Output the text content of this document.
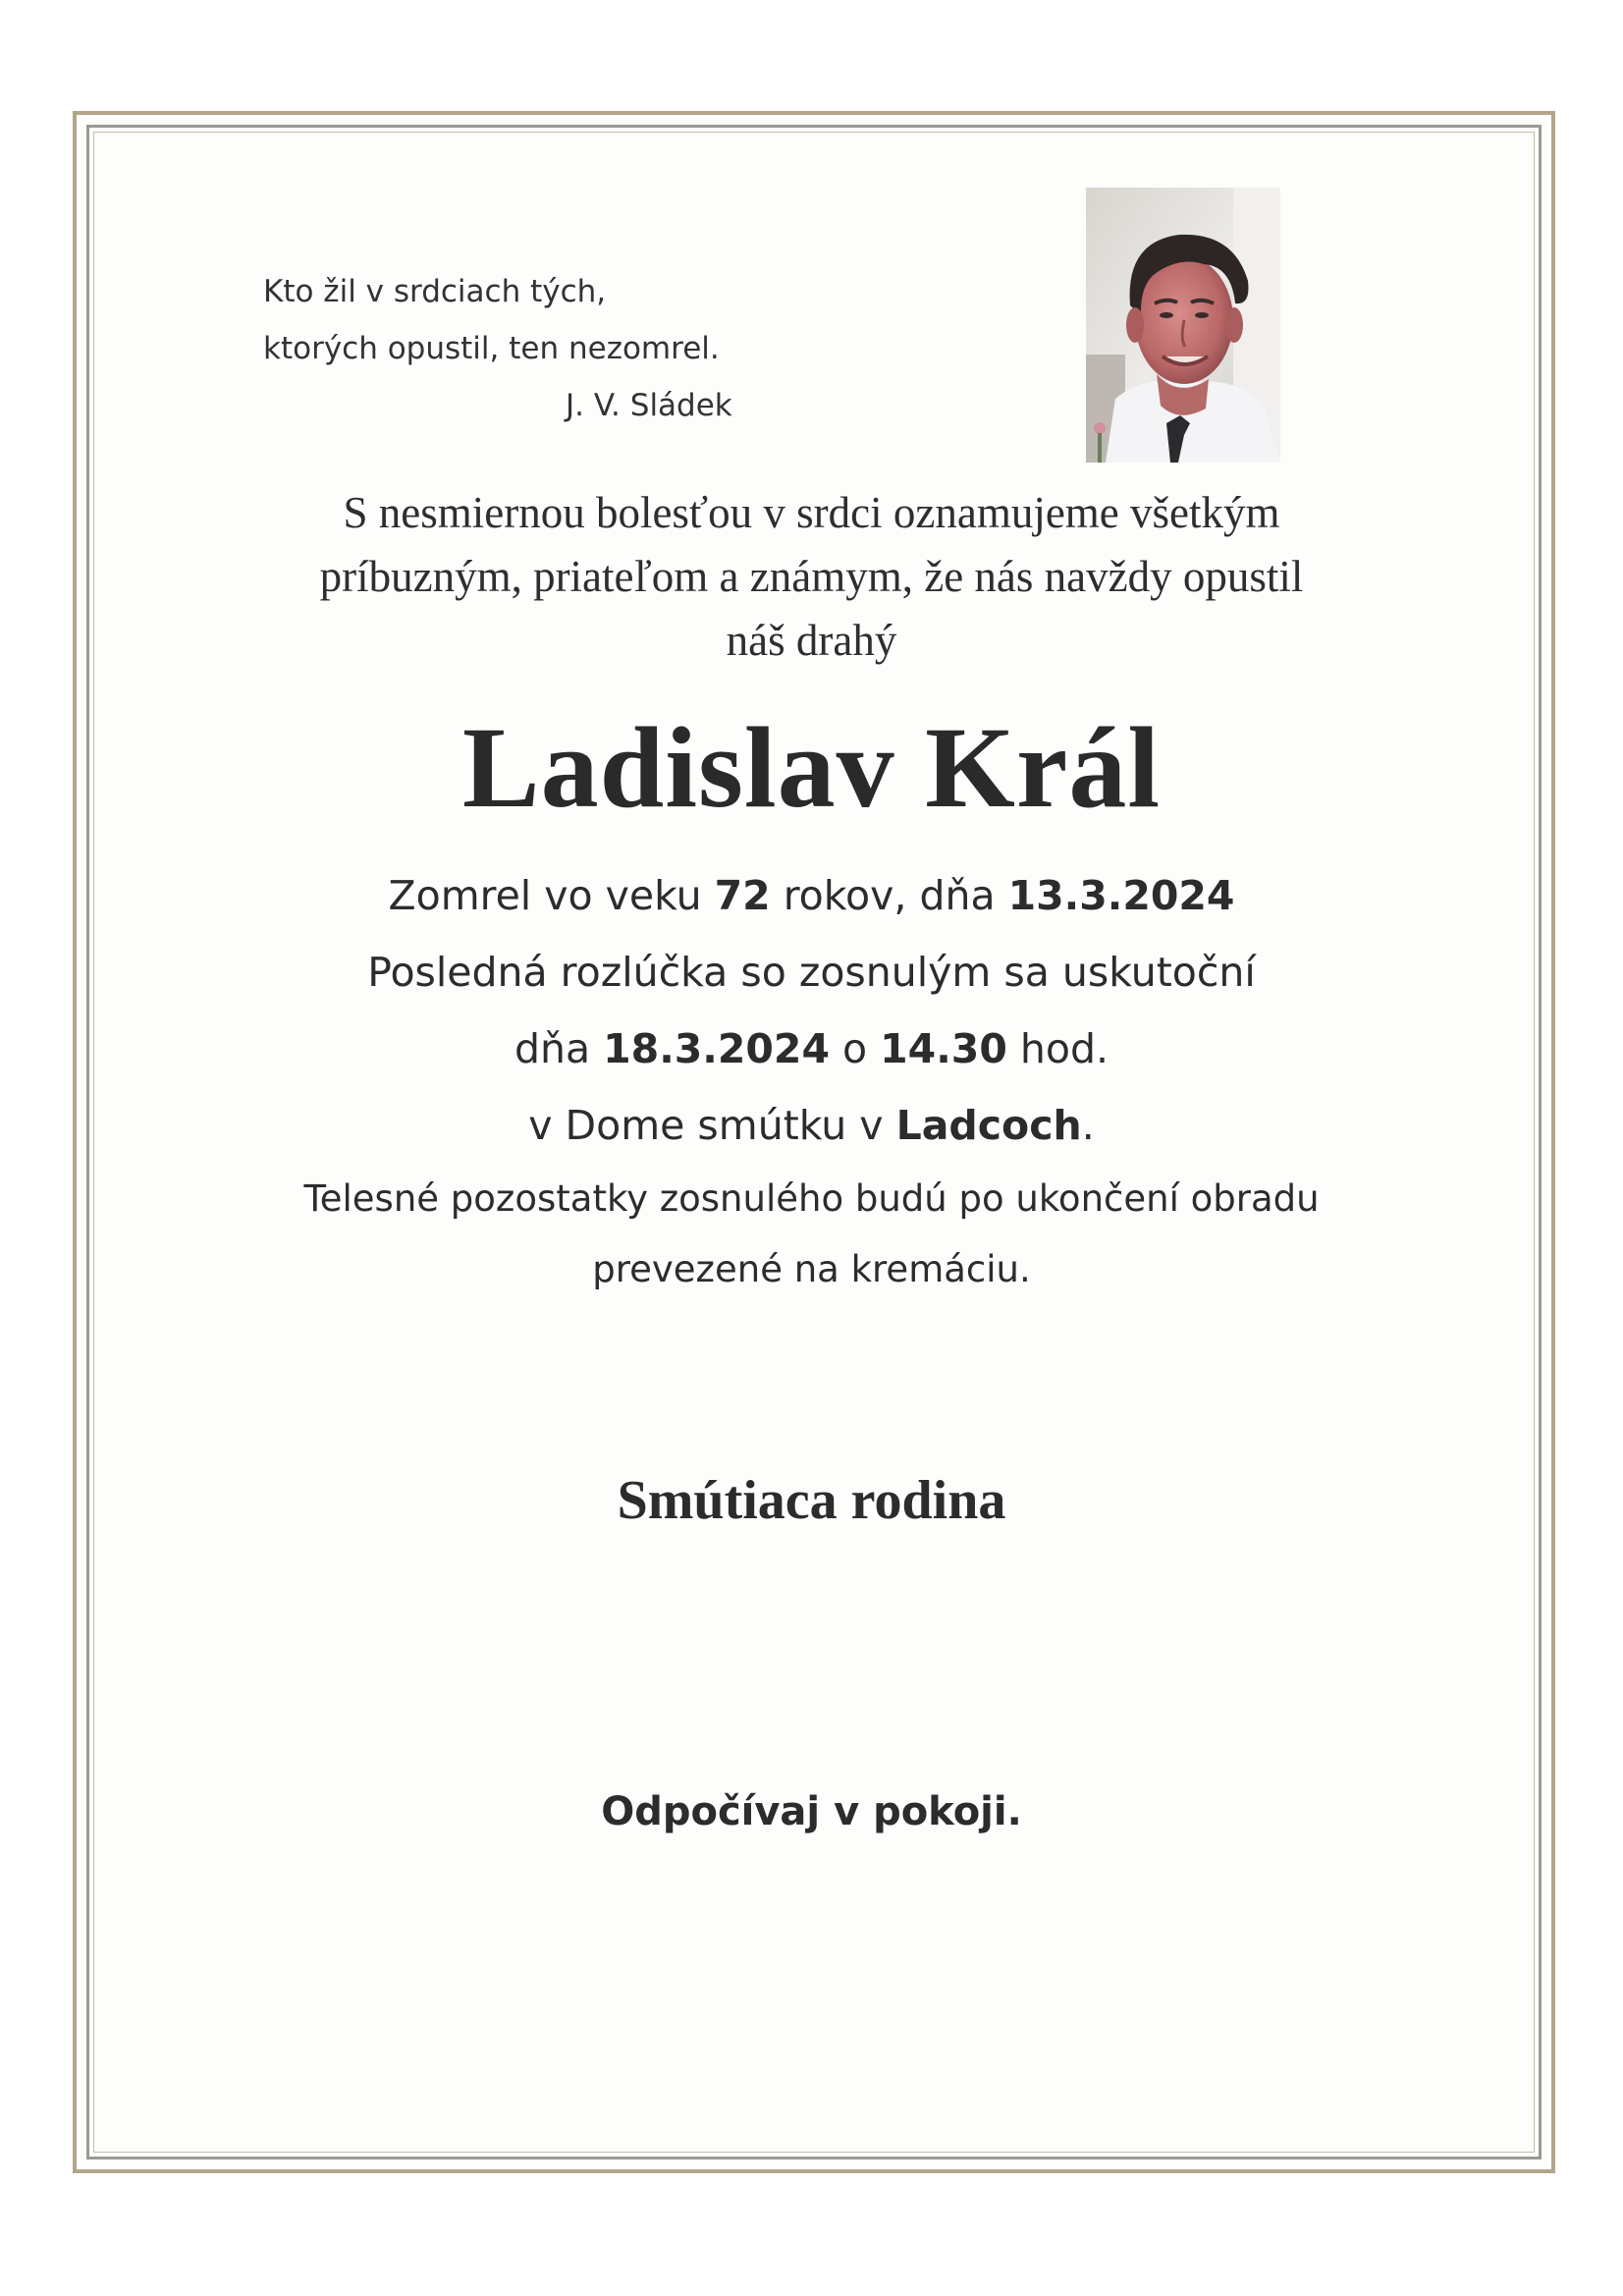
Kto žil v srdciach tých,
ktorých opustil, ten nezomrel.
J. V. Sládek
S nesmiernou bolesťou v srdci oznamujeme všetkým
príbuzným, priateľom a známym, že nás navždy opustil
náš drahý
Ladislav Král
Zomrel vo veku 72 rokov, dňa 13.3.2024
Posledná rozlúčka so zosnulým sa uskutoční
dňa 18.3.2024 o 14.30 hod.
v Dome smútku v Ladcoch.
Telesné pozostatky zosnulého budú po ukončení obradu
prevezené na kremáciu.
Smútiaca rodina
Odpočívaj v pokoji.
